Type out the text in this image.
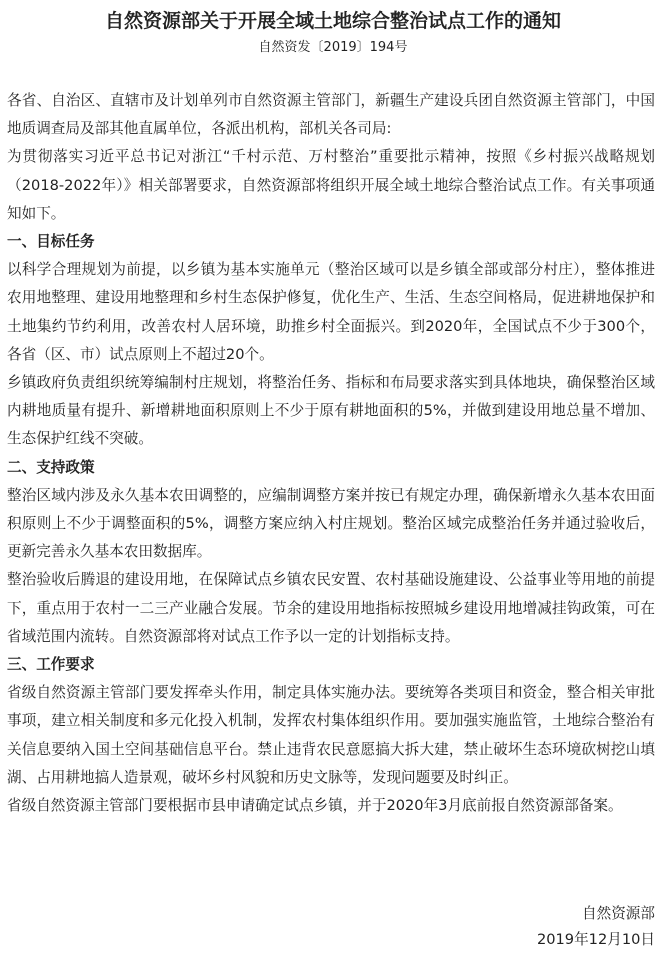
自然资源部关于开展全域土地综合整治试点工作的通知
自然资发〔2019〕194号

各省、自治区、直辖市及计划单列市自然资源主管部门，新疆生产建设兵团自然资源主管部门，中国地质调查局及部其他直属单位，各派出机构，部机关各司局:

为贯彻落实习近平总书记对浙江“千村示范、万村整治”重要批示精神，按照《乡村振兴战略规划（2018-2022年）》相关部署要求，自然资源部将组织开展全域土地综合整治试点工作。有关事项通知如下。

一、目标任务

以科学合理规划为前提，以乡镇为基本实施单元（整治区域可以是乡镇全部或部分村庄），整体推进农用地整理、建设用地整理和乡村生态保护修复，优化生产、生活、生态空间格局，促进耕地保护和土地集约节约利用，改善农村人居环境，助推乡村全面振兴。到2020年，全国试点不少于300个，各省（区、市）试点原则上不超过20个。

乡镇政府负责组织统筹编制村庄规划，将整治任务、指标和布局要求落实到具体地块，确保整治区域内耕地质量有提升、新增耕地面积原则上不少于原有耕地面积的5%，并做到建设用地总量不增加、生态保护红线不突破。

二、支持政策

整治区域内涉及永久基本农田调整的，应编制调整方案并按已有规定办理，确保新增永久基本农田面积原则上不少于调整面积的5%，调整方案应纳入村庄规划。整治区域完成整治任务并通过验收后，更新完善永久基本农田数据库。

整治验收后腾退的建设用地，在保障试点乡镇农民安置、农村基础设施建设、公益事业等用地的前提下，重点用于农村一二三产业融合发展。节余的建设用地指标按照城乡建设用地增减挂钩政策，可在省域范围内流转。自然资源部将对试点工作予以一定的计划指标支持。

三、工作要求

省级自然资源主管部门要发挥牵头作用，制定具体实施办法。要统筹各类项目和资金，整合相关审批事项，建立相关制度和多元化投入机制，发挥农村集体组织作用。要加强实施监管，土地综合整治有关信息要纳入国土空间基础信息平台。禁止违背农民意愿搞大拆大建，禁止破坏生态环境砍树挖山填湖、占用耕地搞人造景观，破坏乡村风貌和历史文脉等，发现问题要及时纠正。

省级自然资源主管部门要根据市县申请确定试点乡镇，并于2020年3月底前报自然资源部备案。

自然资源部
2019年12月10日
